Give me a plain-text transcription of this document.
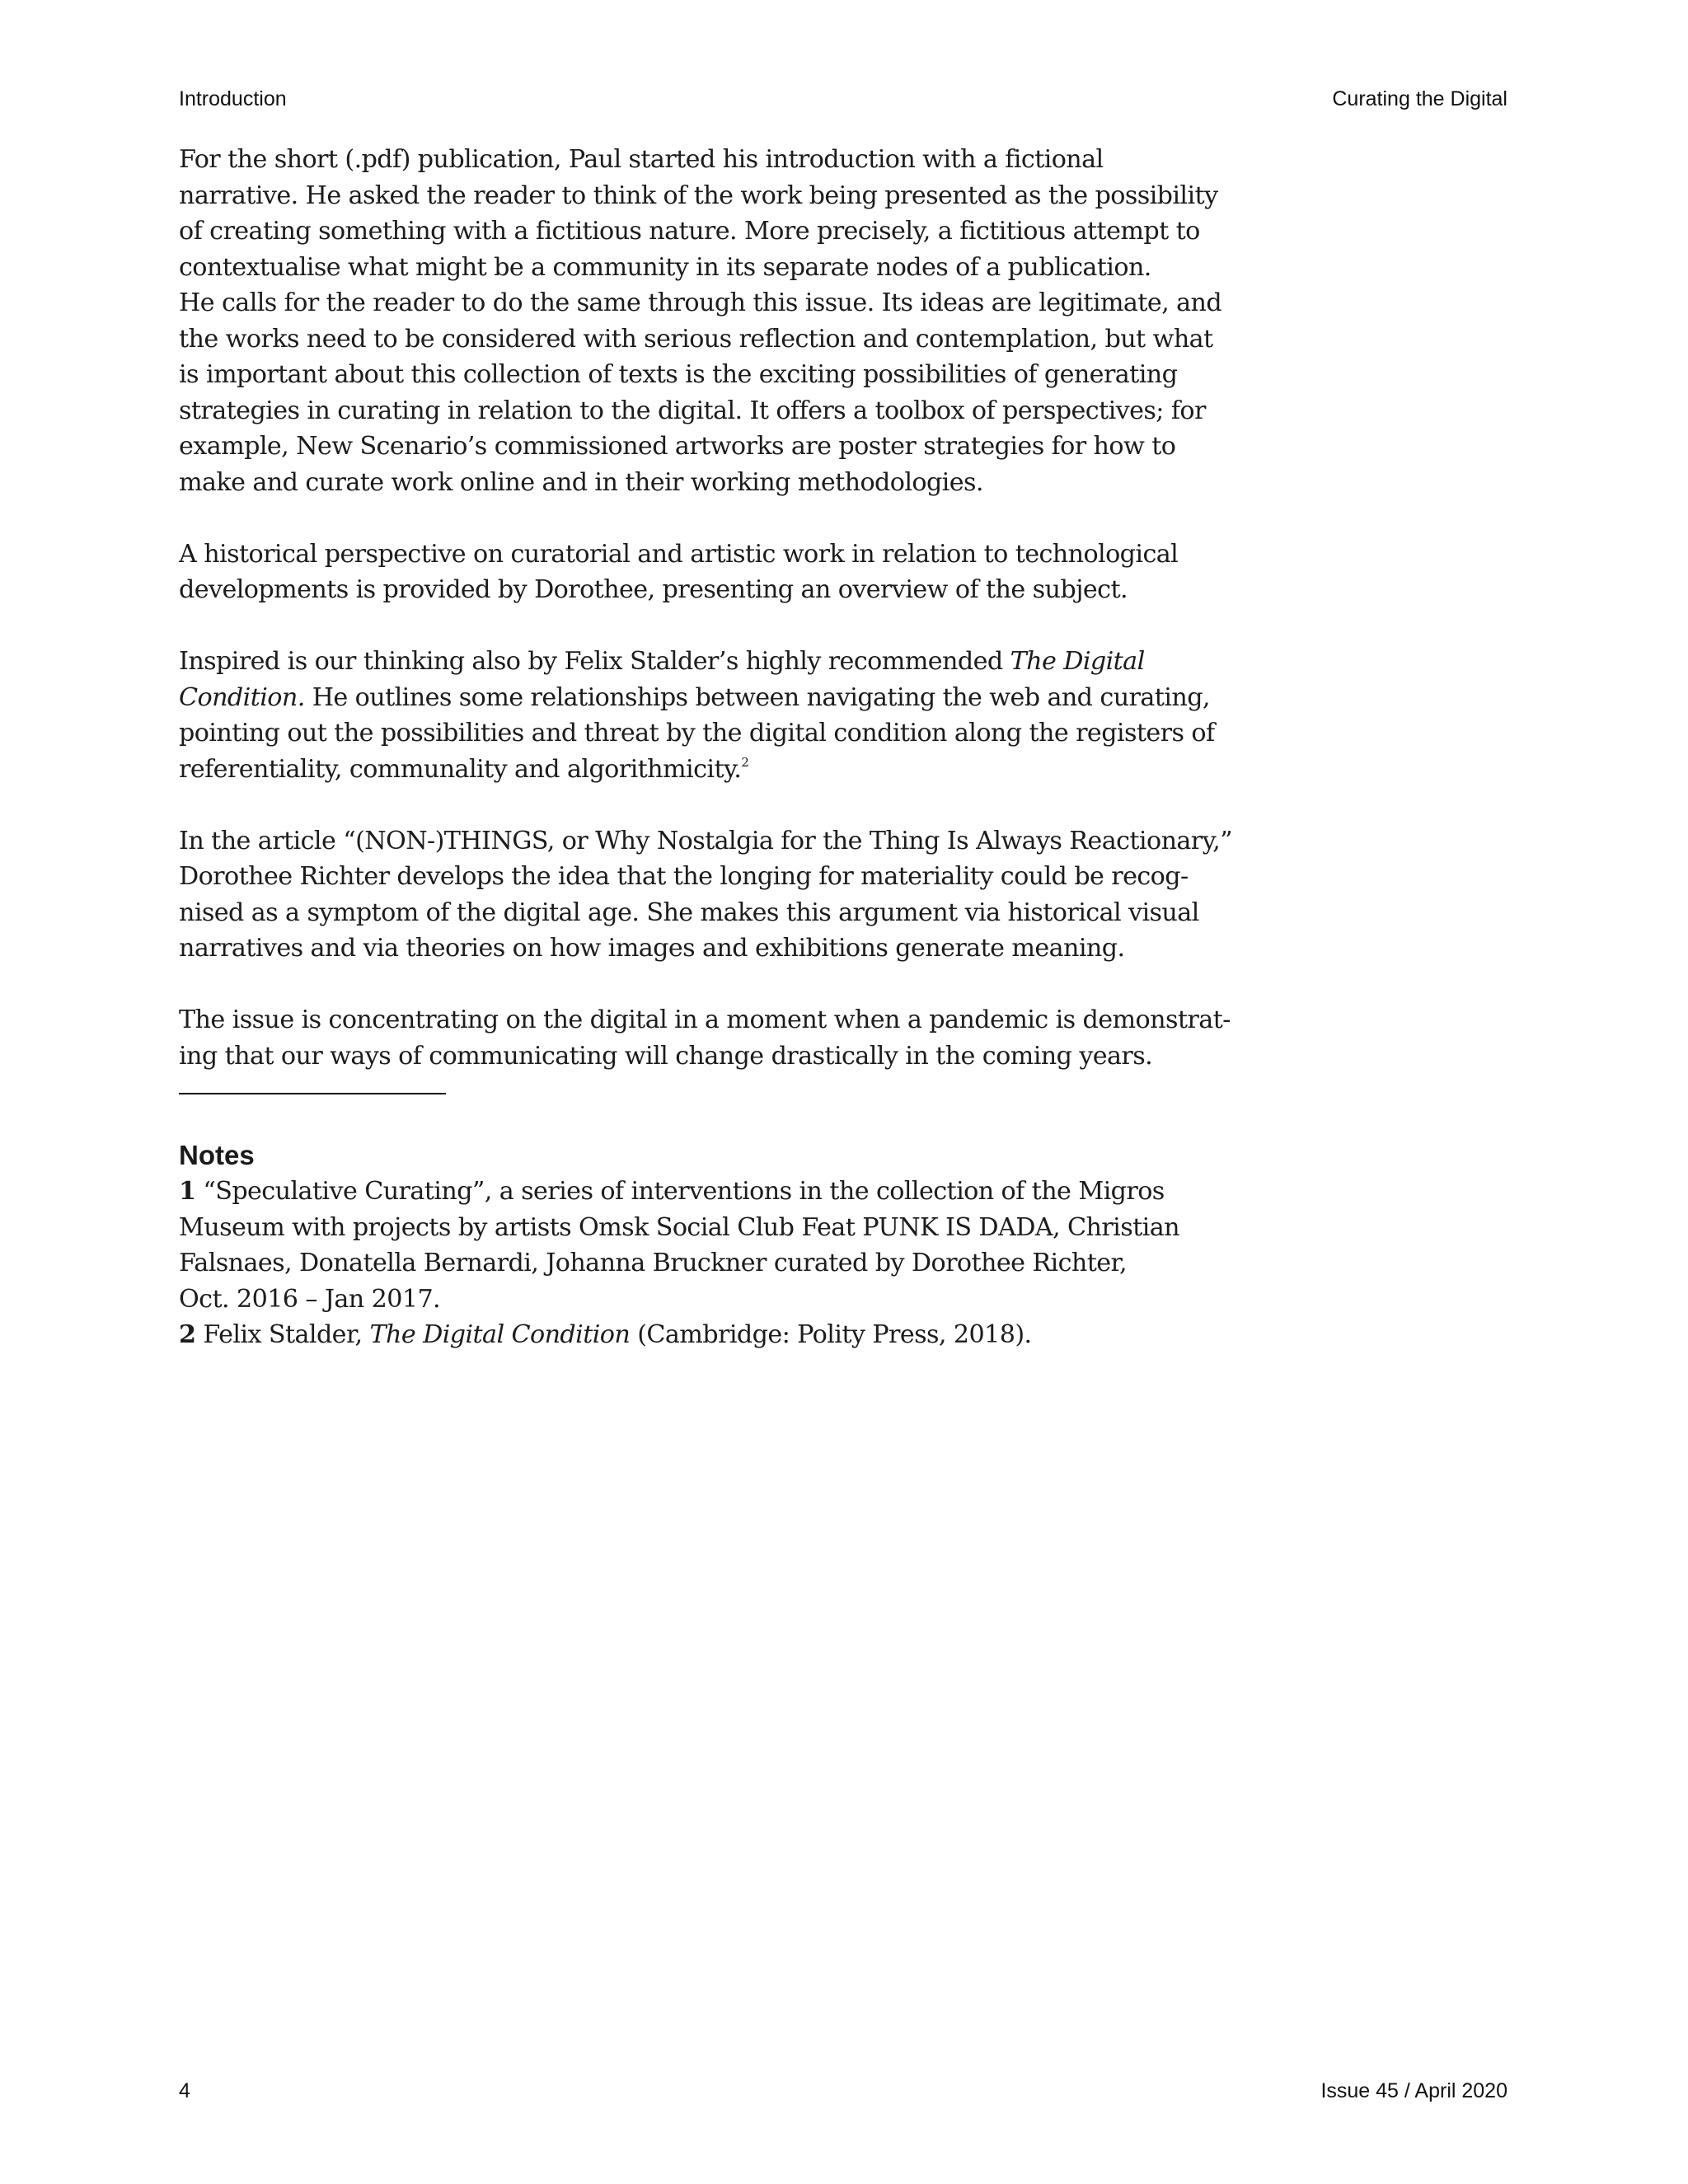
Introduction	Curating the Digital

For the short (.pdf) publication, Paul started his introduction with a fictional
narrative. He asked the reader to think of the work being presented as the possibility
of creating something with a fictitious nature. More precisely, a fictitious attempt to
contextualise what might be a community in its separate nodes of a publication.
He calls for the reader to do the same through this issue. Its ideas are legitimate, and
the works need to be considered with serious reflection and contemplation, but what
is important about this collection of texts is the exciting possibilities of generating
strategies in curating in relation to the digital. It offers a toolbox of perspectives; for
example, New Scenario’s commissioned artworks are poster strategies for how to
make and curate work online and in their working methodologies.

A historical perspective on curatorial and artistic work in relation to technological
developments is provided by Dorothee, presenting an overview of the subject.

Inspired is our thinking also by Felix Stalder’s highly recommended The Digital
Condition. He outlines some relationships between navigating the web and curating,
pointing out the possibilities and threat by the digital condition along the registers of
referentiality, communality and algorithmicity.$^2$

In the article “(NON-)THINGS, or Why Nostalgia for the Thing Is Always Reactionary,”
Dorothee Richter develops the idea that the longing for materiality could be recog-
nised as a symptom of the digital age. She makes this argument via historical visual
narratives and via theories on how images and exhibitions generate meaning.

The issue is concentrating on the digital in a moment when a pandemic is demonstrat-
ing that our ways of communicating will change drastically in the coming years.

Notes
1 “Speculative Curating”, a series of interventions in the collection of the Migros
Museum with projects by artists Omsk Social Club Feat PUNK IS DADA, Christian
Falsnaes, Donatella Bernardi, Johanna Bruckner curated by Dorothee Richter,
Oct. 2016 – Jan 2017.
2 Felix Stalder, The Digital Condition (Cambridge: Polity Press, 2018).
4	Issue 45 / April 2020
